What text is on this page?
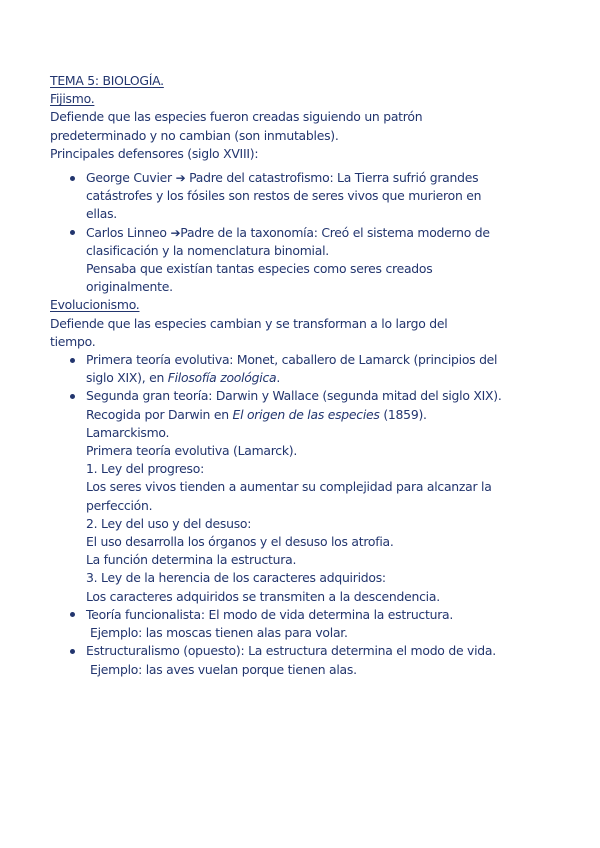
TEMA 5: BIOLOGÍA.
Fijismo.
Defiende que las especies fueron creadas siguiendo un patrón
predeterminado y no cambian (son inmutables).
Principales defensores (siglo XVIII):
George Cuvier ➔ Padre del catastrofismo: La Tierra sufrió grandes
catástrofes y los fósiles son restos de seres vivos que murieron en
ellas.
Carlos Linneo ➔Padre de la taxonomía: Creó el sistema moderno de
clasificación y la nomenclatura binomial.
Pensaba que existían tantas especies como seres creados
originalmente.
Evolucionismo.
Defiende que las especies cambian y se transforman a lo largo del
tiempo.
Primera teoría evolutiva: Monet, caballero de Lamarck (principios del
siglo XIX), en Filosofía zoológica.
Segunda gran teoría: Darwin y Wallace (segunda mitad del siglo XIX).
Recogida por Darwin en El origen de las especies (1859).
Lamarckismo.
Primera teoría evolutiva (Lamarck).
1. Ley del progreso:
Los seres vivos tienden a aumentar su complejidad para alcanzar la
perfección.
2. Ley del uso y del desuso:
El uso desarrolla los órganos y el desuso los atrofia.
La función determina la estructura.
3. Ley de la herencia de los caracteres adquiridos:
Los caracteres adquiridos se transmiten a la descendencia.
Teoría funcionalista: El modo de vida determina la estructura.
Ejemplo: las moscas tienen alas para volar.
Estructuralismo (opuesto): La estructura determina el modo de vida.
Ejemplo: las aves vuelan porque tienen alas.
